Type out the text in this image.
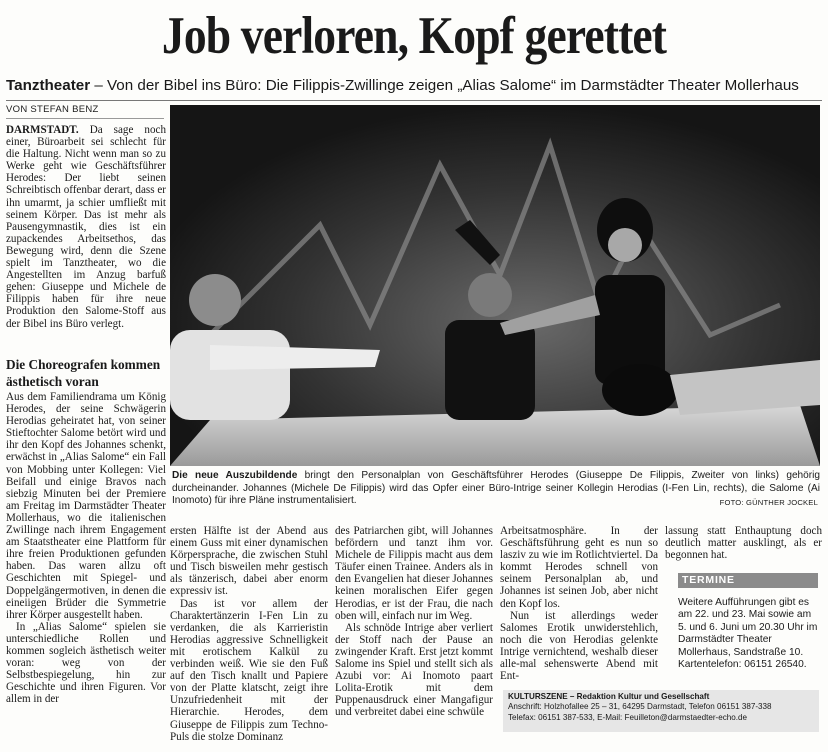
Job verloren, Kopf gerettet
Tanztheater – Von der Bibel ins Büro: Die Filippis-Zwillinge zeigen „Alias Salome“ im Darmstädter Theater Mollerhaus
VON STEFAN BENZ

DARMSTADT. Da sage noch einer, Büroarbeit sei schlecht für die Haltung. Nicht wenn man so zu Werke geht wie Geschäftsführer Herodes: Der liebt seinen Schreibtisch offenbar derart, dass er ihn umarmt, ja schier umfließt mit seinem Körper. Das ist mehr als Pausengymnastik, dies ist ein zupackendes Arbeitsethos, das Bewegung wird, denn die Szene spielt im Tanztheater, wo die Angestellten im Anzug barfuß gehen: Giuseppe und Michele de Filippis haben für ihre neue Produktion den Salome-Stoff aus der Bibel ins Büro verlegt.

Die Choreografen kommen ästhetisch voran

Aus dem Familiendrama um König Herodes, der seine Schwägerin Herodias geheiratet hat, von seiner Stieftochter Salome betört wird und ihr den Kopf des Johannes schenkt, erwächst in „Alias Salome“ ein Fall von Mobbing unter Kollegen: Viel Beifall und einige Bravos nach siebzig Minuten bei der Premiere am Freitag im Darmstädter Theater Mollerhaus, wo die italienischen Zwillinge nach ihrem Engagement am Staatstheater eine Plattform für ihre freien Produktionen gefunden haben. Das waren allzu oft Geschichten mit Spiegel- und Doppelgängermotiven, in denen die eineiigen Brüder die Symmetrie ihrer Körper ausgestellt haben.

In „Alias Salome“ spielen sie unterschiedliche Rollen und kommen sogleich ästhetisch weiter voran: weg von der Selbstbespiegelung, hin zur Geschichte und ihren Figuren. Vor allem in der

Die neue Auszubildende bringt den Personalplan von Geschäftsführer Herodes (Giuseppe De Filippis, Zweiter von links) gehörig durcheinander. Johannes (Michele De Filippis) wird das Opfer einer Büro-Intrige seiner Kollegin Herodias (I-Fen Lin, rechts), die Salome (Ai Inomoto) für ihre Pläne instrumentalisiert.	FOTO: GÜNTHER JOCKEL

ersten Hälfte ist der Abend aus einem Guss mit einer dynamischen Körpersprache, die zwischen Stuhl und Tisch bisweilen mehr gestisch als tänzerisch, dabei aber enorm expressiv ist.

Das ist vor allem der Charaktertänzerin I-Fen Lin zu verdanken, die als Karrieristin Herodias aggressive Schnelligkeit mit erotischem Kalkül zu verbinden weiß. Wie sie den Fuß auf den Tisch knallt und Papiere von der Platte klatscht, zeigt ihre Unzufriedenheit mit der Hierarchie. Herodes, dem Giuseppe de Filippis zum Techno-Puls die stolze Dominanz

des Patriarchen gibt, will Johannes befördern und tanzt ihm vor. Michele de Filippis macht aus dem Täufer einen Trainee. Anders als in den Evangelien hat dieser Johannes keinen moralischen Eifer gegen Herodias, er ist der Frau, die nach oben will, einfach nur im Weg.

Als schnöde Intrige aber verliert der Stoff nach der Pause an zwingender Kraft. Erst jetzt kommt Salome ins Spiel und stellt sich als Azubi vor: Ai Inomoto paart Lolita-Erotik mit dem Puppenausdruck einer Mangafigur und verbreitet dabei eine schwüle

Arbeitsatmosphäre. In der Geschäftsführung geht es nun so lasziv zu wie im Rotlichtviertel. Da kommt Herodes schnell von seinem Personalplan ab, und Johannes ist seinen Job, aber nicht den Kopf los.

Nun ist allerdings weder Salomes Erotik unwiderstehlich, noch die von Herodias gelenkte Intrige vernichtend, weshalb dieser alle-mal sehenswerte Abend mit Ent-

lassung statt Enthauptung doch deutlich matter ausklingt, als er begonnen hat.

TERMINE
Weitere Aufführungen gibt es am 22. und 23. Mai sowie am 5. und 6. Juni um 20.30 Uhr im Darmstädter Theater Mollerhaus, Sandstraße 10. Kartentelefon: 06151 26540.
KULTURSZENE – Redaktion Kultur und Gesellschaft
Anschrift: Holzhofallee 25 – 31, 64295 Darmstadt, Telefon 06151 387-338
Telefax: 06151 387-533, E-Mail: Feuilleton@darmstaedter-echo.de
